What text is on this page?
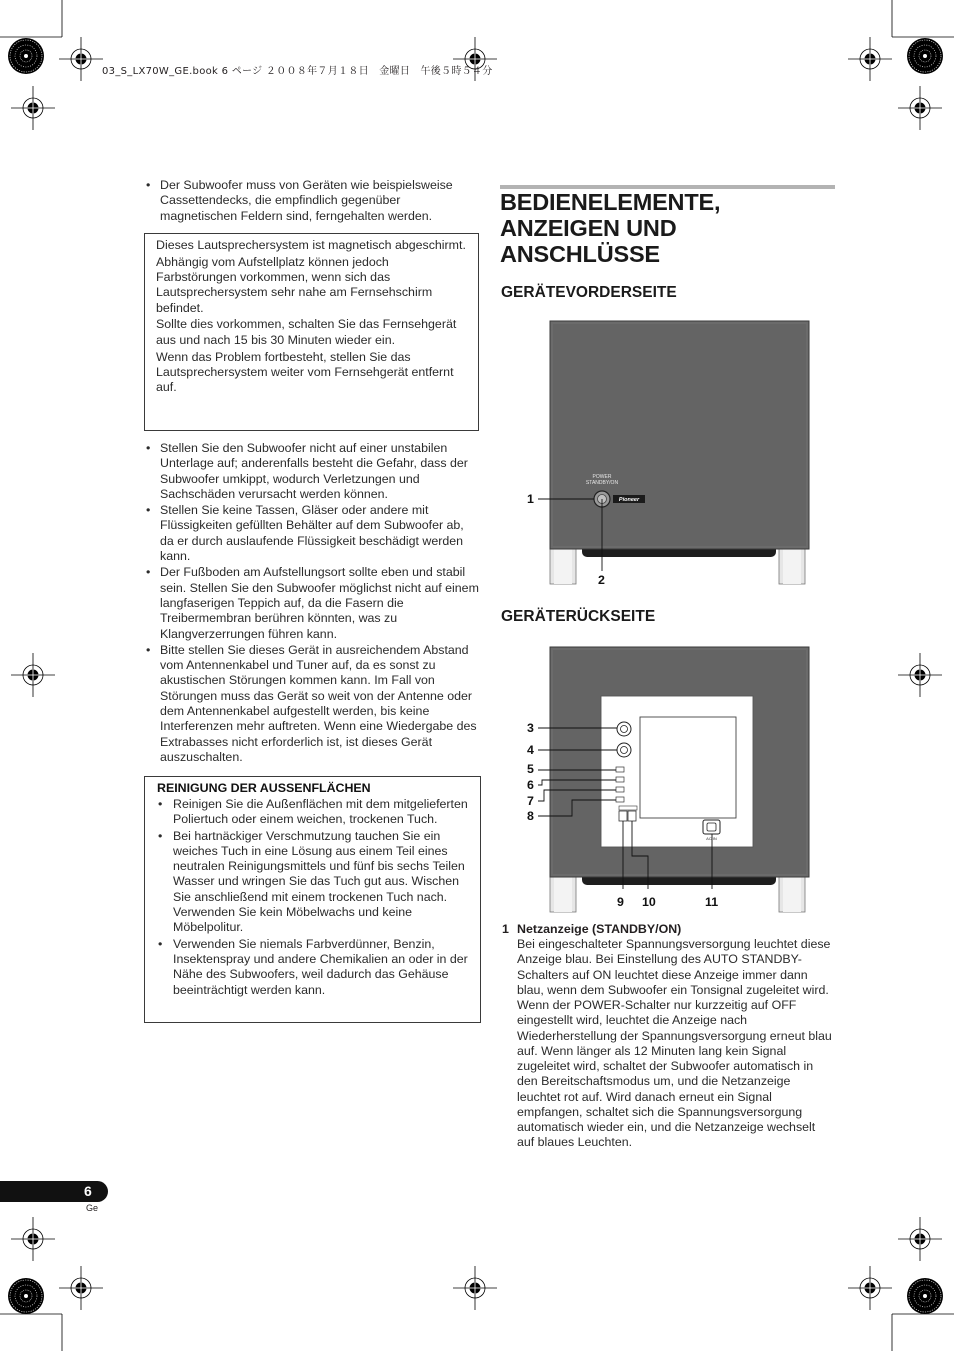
03_S_LX70W_GE.book 6 ページ ２００８年７月１８日　金曜日　午後５時５４分
• Der Subwoofer muss von Geräten wie beispielsweise Cassettendecks, die empfindlich gegenüber magnetischen Feldern sind, ferngehalten werden.

Dieses Lautsprechersystem ist magnetisch abgeschirmt.

Abhängig vom Aufstellplatz können jedoch Farbstörungen vorkommen, wenn sich das Lautsprechersystem sehr nahe am Fernsehschirm befindet.

Sollte dies vorkommen, schalten Sie das Fernsehgerät aus und nach 15 bis 30 Minuten wieder ein.

Wenn das Problem fortbesteht, stellen Sie das Lautsprechersystem weiter vom Fernsehgerät entfernt auf.

• Stellen Sie den Subwoofer nicht auf einer unstabilen Unterlage auf; anderenfalls besteht die Gefahr, dass der Subwoofer umkippt, wodurch Verletzungen und Sachschäden verursacht werden können.
• Stellen Sie keine Tassen, Gläser oder andere mit Flüssigkeiten gefüllten Behälter auf dem Subwoofer ab, da er durch auslaufende Flüssigkeit beschädigt werden kann.
• Der Fußboden am Aufstellungsort sollte eben und stabil sein. Stellen Sie den Subwoofer möglichst nicht auf einem langfaserigen Teppich auf, da die Fasern die Treibermembran berühren könnten, was zu Klangverzerrungen führen kann.
• Bitte stellen Sie dieses Gerät in ausreichendem Abstand vom Antennenkabel und Tuner auf, da es sonst zu akustischen Störungen kommen kann. Im Fall von Störungen muss das Gerät so weit von der Antenne oder dem Antennenkabel aufgestellt werden, bis keine Interferenzen mehr auftreten. Wenn eine Wiedergabe des Extrabasses nicht erforderlich ist, ist dieses Gerät auszuschalten.
REINIGUNG DER AUSSENFLÄCHEN
• Reinigen Sie die Außenflächen mit dem mitgelieferten Poliertuch oder einem weichen, trockenen Tuch.
• Bei hartnäckiger Verschmutzung tauchen Sie ein weiches Tuch in eine Lösung aus einem Teil eines neutralen Reinigungsmittels und fünf bis sechs Teilen Wasser und wringen Sie das Tuch gut aus. Wischen Sie anschließend mit einem trockenen Tuch nach. Verwenden Sie kein Möbelwachs und keine Möbelpolitur.
• Verwenden Sie niemals Farbverdünner, Benzin, Insektenspray und andere Chemikalien an oder in der Nähe des Subwoofers, weil dadurch das Gehäuse beeinträchtigt werden kann.
BEDIENELEMENTE,
ANZEIGEN UND
ANSCHLÜSSE
GERÄTEVORDERSEITE
POWER
STANDBY/ON
Pioneer
1
2
GERÄTERÜCKSEITE
AC IN
3
4
5
6
7
8
9 10	11
1 Netzanzeige (STANDBY/ON)
Bei eingeschalteter Spannungsversorgung leuchtet diese Anzeige blau. Bei Einstellung des AUTO STANDBY-Schalters auf ON leuchtet diese Anzeige immer dann blau, wenn dem Subwoofer ein Tonsignal zugeleitet wird. Wenn der POWER-Schalter nur kurzzeitig auf OFF eingestellt wird, leuchtet die Anzeige nach Wiederherstellung der Spannungsversorgung erneut blau auf. Wenn länger als 12 Minuten lang kein Signal zugeleitet wird, schaltet der Subwoofer automatisch in den Bereitschaftsmodus um, und die Netzanzeige leuchtet rot auf. Wird danach erneut ein Signal empfangen, schaltet sich die Spannungsversorgung automatisch wieder ein, und die Netzanzeige wechselt auf blaues Leuchten.
6
Ge
